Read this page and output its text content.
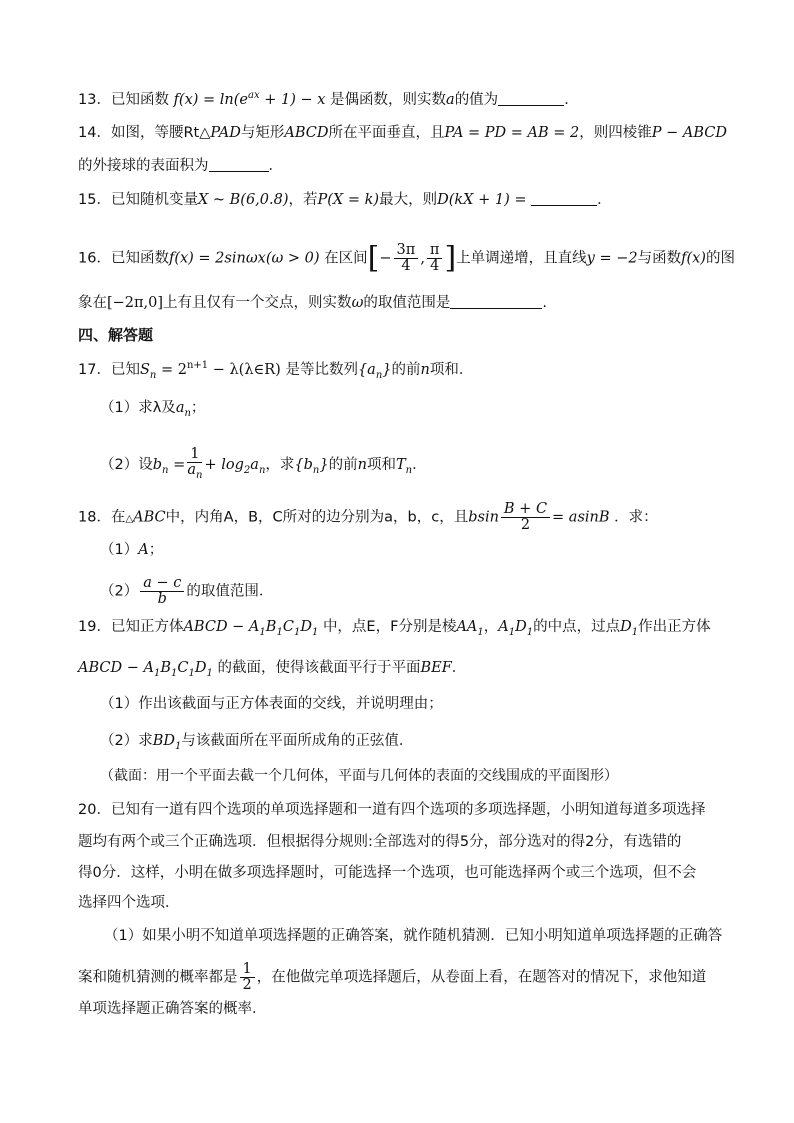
13．已知函数 $f(x) = \ln(e^{ax} + 1) - x$ 是偶函数，则实数a的值为	．
14．如图，等腰Rt△PAD与矩形ABCD所在平面垂直，且PA = PD = AB = 2，则四棱锥P − ABCD
的外接球的表面积为	．
15．已知随机变量X ~ B(6,0.8)，若P(X = k)最大，则D(kX + 1) =	．
16．已知函数f(x) = 2sinωx(ω > 0) 在区间[− $\frac{3\pi}{4}$ , $\frac{\pi}{4}$ ]上单调递增，且直线y = −2与函数f(x)的图
象在[−2π,0]上有且仅有一个交点，则实数ω的取值范围是	.
四、解答题
17．已知$S_n = 2^{n+1}$ − λ(λ∈R) 是等比数列$\{a_n\}$的前n项和．
（1）求λ及$a_n$；
（2）设$b_n = \frac{1}{a_n} + \log_2a_n$，求$\{b_n\}$的前n项和$T_n$．
18．在△ABC中，内角A，B，C所对的边分别为a，b，c，且bsin $\frac{B + C}{2} = asinB$ ．求：
（1）A；
$(2) \frac{a - c}{b}$ 的取值范围．
19．已知正方体ABCD − $A_1B_1C_1D_1$ 中，点E，F分别是棱$AA_1$，$A_1D_1$的中点，过点$D_1$作出正方体
ABCD − $A_1B_1C_1D_1$ 的截面，使得该截面平行于平面BEF．
（1）作出该截面与正方体表面的交线，并说明理由；
（2）求$BD_1$与该截面所在平面所成角的正弦值．
（截面：用一个平面去截一个几何体，平面与几何体的表面的交线围成的平面图形）
20．已知有一道有四个选项的单项选择题和一道有四个选项的多项选择题，小明知道每道多项选择
题均有两个或三个正确选项．但根据得分规则:全部选对的得5分，部分选对的得2分，有选错的
得0分．这样，小明在做多项选择题时，可能选择一个选项，也可能选择两个或三个选项，但不会
选择四个选项．
（1）如果小明不知道单项选择题的正确答案，就作随机猜测．已知小明知道单项选择题的正确答
案和随机猜测的概率都是 $\frac{1}{2}$ ，在他做完单项选择题后，从卷面上看，在题答对的情况下，求他知道
单项选择题正确答案的概率．
